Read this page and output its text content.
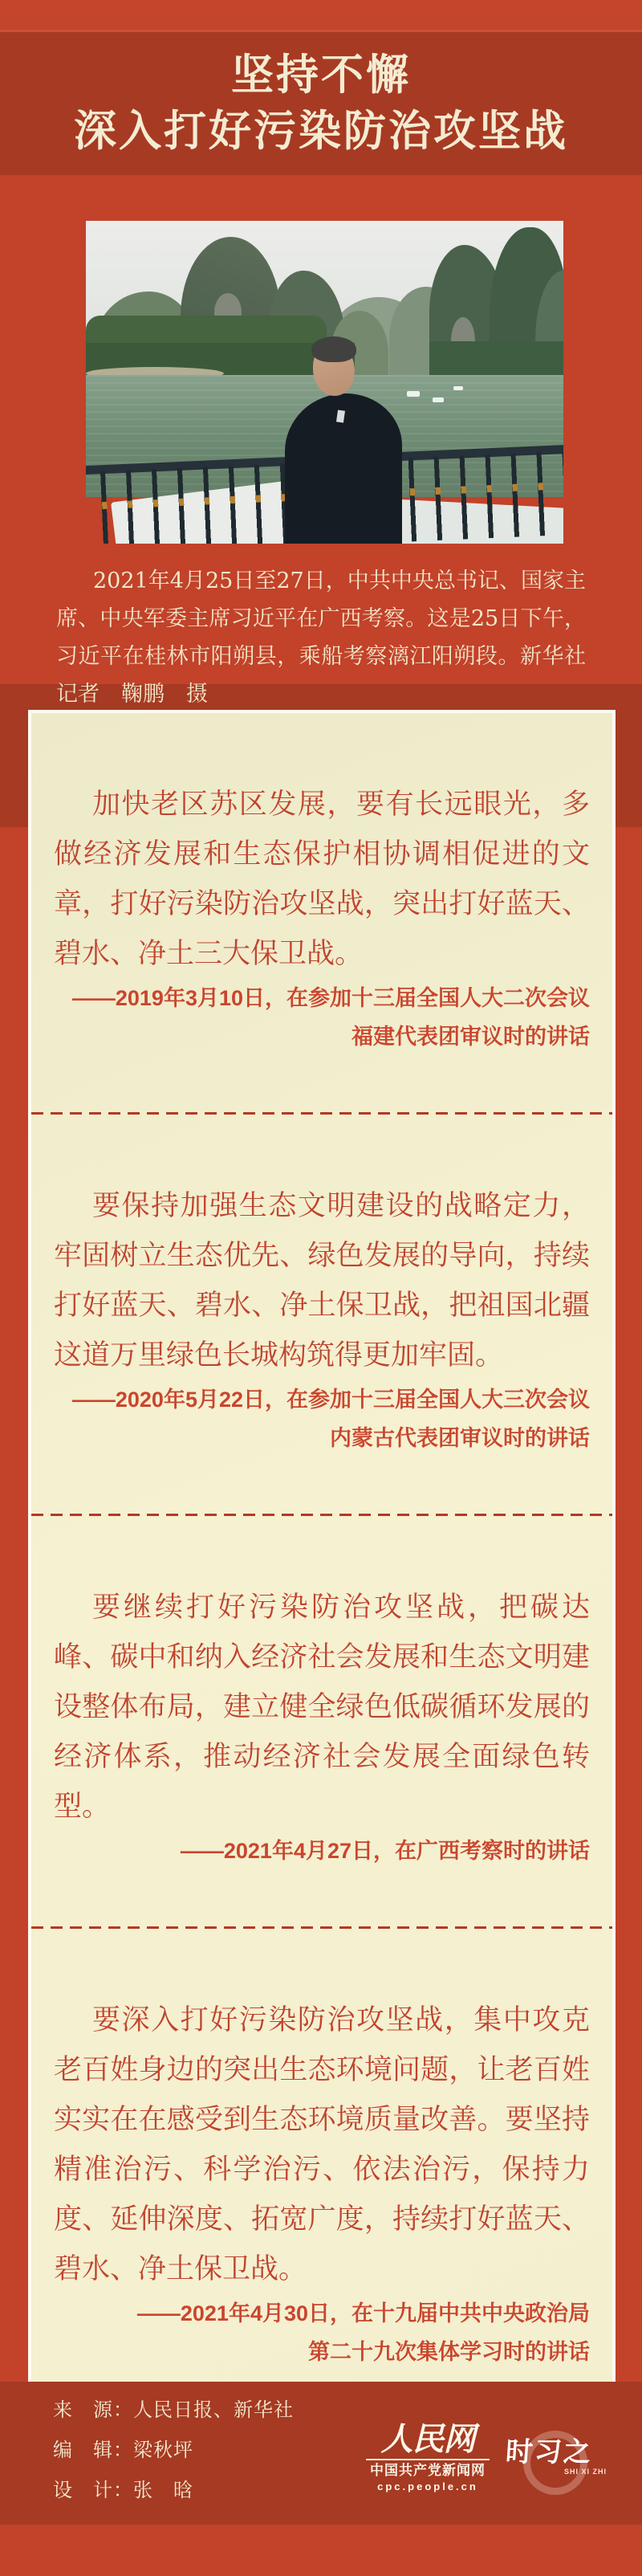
坚持不懈
深入打好污染防治攻坚战

2021年4月25日至27日，中共中央总书记、国家主席、中央军委主席习近平在广西考察。这是25日下午，习近平在桂林市阳朔县，乘船考察漓江阳朔段。新华社记者　鞠鹏　摄

加快老区苏区发展，要有长远眼光，多做经济发展和生态保护相协调相促进的文章，打好污染防治攻坚战，突出打好蓝天、碧水、净土三大保卫战。

——2019年3月10日，在参加十三届全国人大二次会议
福建代表团审议时的讲话

要保持加强生态文明建设的战略定力，牢固树立生态优先、绿色发展的导向，持续打好蓝天、碧水、净土保卫战，把祖国北疆这道万里绿色长城构筑得更加牢固。

——2020年5月22日，在参加十三届全国人大三次会议
内蒙古代表团审议时的讲话

要继续打好污染防治攻坚战，把碳达峰、碳中和纳入经济社会发展和生态文明建设整体布局，建立健全绿色低碳循环发展的经济体系，推动经济社会发展全面绿色转型。

——2021年4月27日，在广西考察时的讲话

要深入打好污染防治攻坚战，集中攻克老百姓身边的突出生态环境问题，让老百姓实实在在感受到生态环境质量改善。要坚持精准治污、科学治污、依法治污，保持力度、延伸深度、拓宽广度，持续打好蓝天、碧水、净土保卫战。

——2021年4月30日，在十九届中共中央政治局
第二十九次集体学习时的讲话
来　源：人民日报、新华社
编　辑：梁秋坪
设　计：张　晗
人民网
中国共产党新闻网
cpc.people.cn
时习之
SHI XI ZHI
